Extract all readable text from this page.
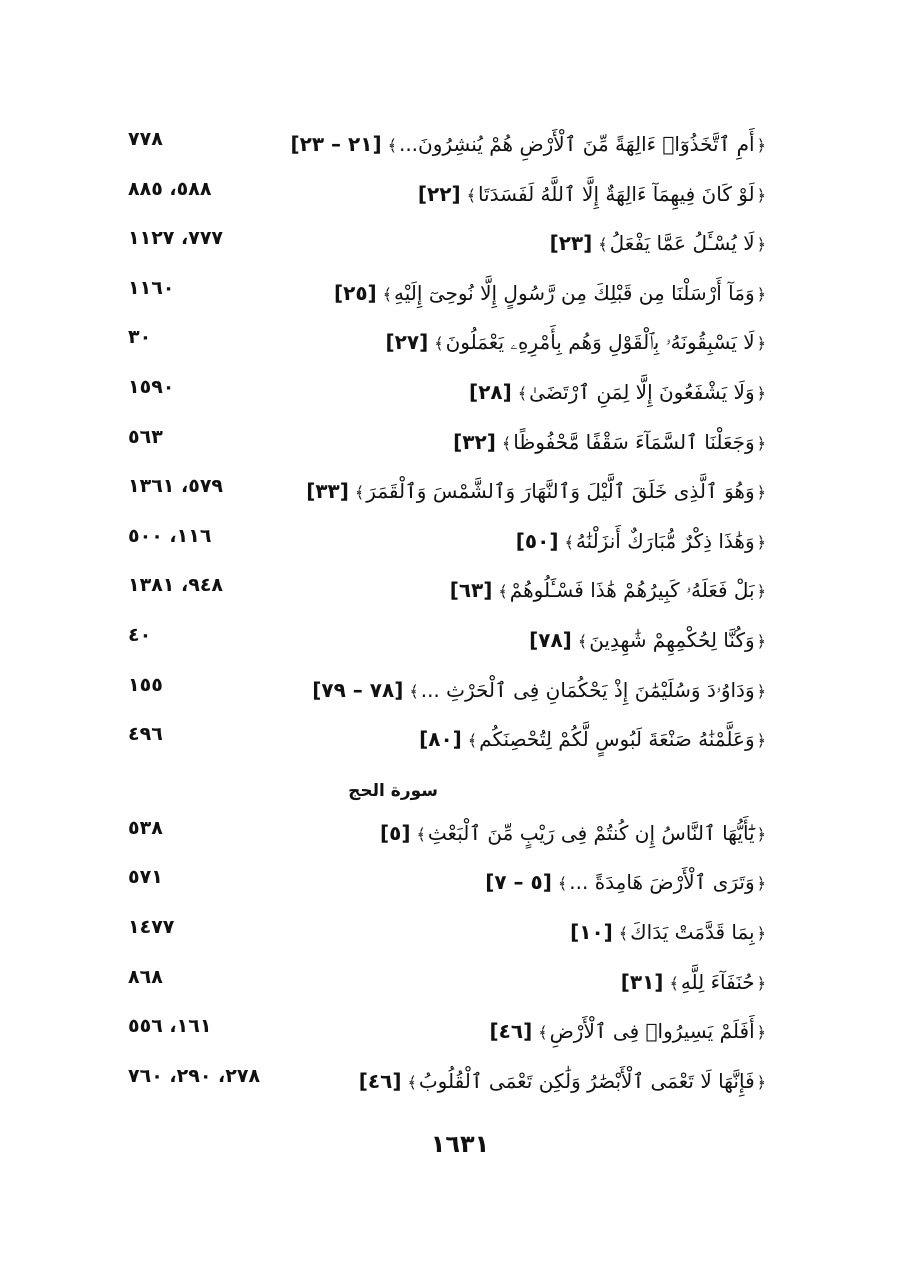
﴿أَمِ ٱتَّخَذُوٓا۟ ءَالِهَةً مِّنَ ٱلْأَرْضِ هُمْ يُنشِرُونَ...﴾[٢١ – ٢٣]
٧٧٨
﴿لَوْ كَانَ فِيهِمَآ ءَالِهَةٌ إِلَّا ٱللَّهُ لَفَسَدَتَا﴾[٢٢]
٥٨٨، ٨٨٥
﴿لَا يُسْـَٔلُ عَمَّا يَفْعَلُ﴾[٢٣]
٧٧٧، ١١٢٧
﴿وَمَآ أَرْسَلْنَا مِن قَبْلِكَ مِن رَّسُولٍ إِلَّا نُوحِىٓ إِلَيْهِ﴾[٢٥]
١١٦٠
﴿لَا يَسْبِقُونَهُۥ بِٱلْقَوْلِ وَهُم بِأَمْرِهِۦ يَعْمَلُونَ﴾[٢٧]
٣٠
﴿وَلَا يَشْفَعُونَ إِلَّا لِمَنِ ٱرْتَضَىٰ﴾[٢٨]
١٥٩٠
﴿وَجَعَلْنَا ٱلسَّمَآءَ سَقْفًا مَّحْفُوظًا﴾[٣٢]
٥٦٣
﴿وَهُوَ ٱلَّذِى خَلَقَ ٱلَّيْلَ وَٱلنَّهَارَ وَٱلشَّمْسَ وَٱلْقَمَرَ﴾[٣٣]
٥٧٩، ١٣٦١
﴿وَهَٰذَا ذِكْرٌ مُّبَارَكٌ أَنزَلْنَٰهُ﴾[٥٠]
١١٦، ٥٠٠
﴿بَلْ فَعَلَهُۥ كَبِيرُهُمْ هَٰذَا فَسْـَٔلُوهُمْ﴾[٦٣]
٩٤٨، ١٣٨١
﴿وَكُنَّا لِحُكْمِهِمْ شَٰهِدِينَ﴾[٧٨]
٤٠
﴿وَدَاوُۥدَ وَسُلَيْمَٰنَ إِذْ يَحْكُمَانِ فِى ٱلْحَرْثِ ...﴾[٧٨ – ٧٩]
١٥٥
﴿وَعَلَّمْنَٰهُ صَنْعَةَ لَبُوسٍ لَّكُمْ لِتُحْصِنَكُم﴾[٨٠]
٤٩٦
سورة الحج
﴿يَٰٓأَيُّهَا ٱلنَّاسُ إِن كُنتُمْ فِى رَيْبٍ مِّنَ ٱلْبَعْثِ﴾[٥]
٥٣٨
﴿وَتَرَى ٱلْأَرْضَ هَامِدَةً ...﴾[٥ – ٧]
٥٧١
﴿بِمَا قَدَّمَتْ يَدَاكَ﴾[١٠]
١٤٧٧
﴿حُنَفَآءَ لِلَّهِ﴾[٣١]
٨٦٨
﴿أَفَلَمْ يَسِيرُوا۟ فِى ٱلْأَرْضِ﴾[٤٦]
١٦١، ٥٥٦
﴿فَإِنَّهَا لَا تَعْمَى ٱلْأَبْصَٰرُ وَلَٰكِن تَعْمَى ٱلْقُلُوبُ﴾[٤٦]
٢٧٨، ٢٩٠، ٧٦٠
١٦٣١
